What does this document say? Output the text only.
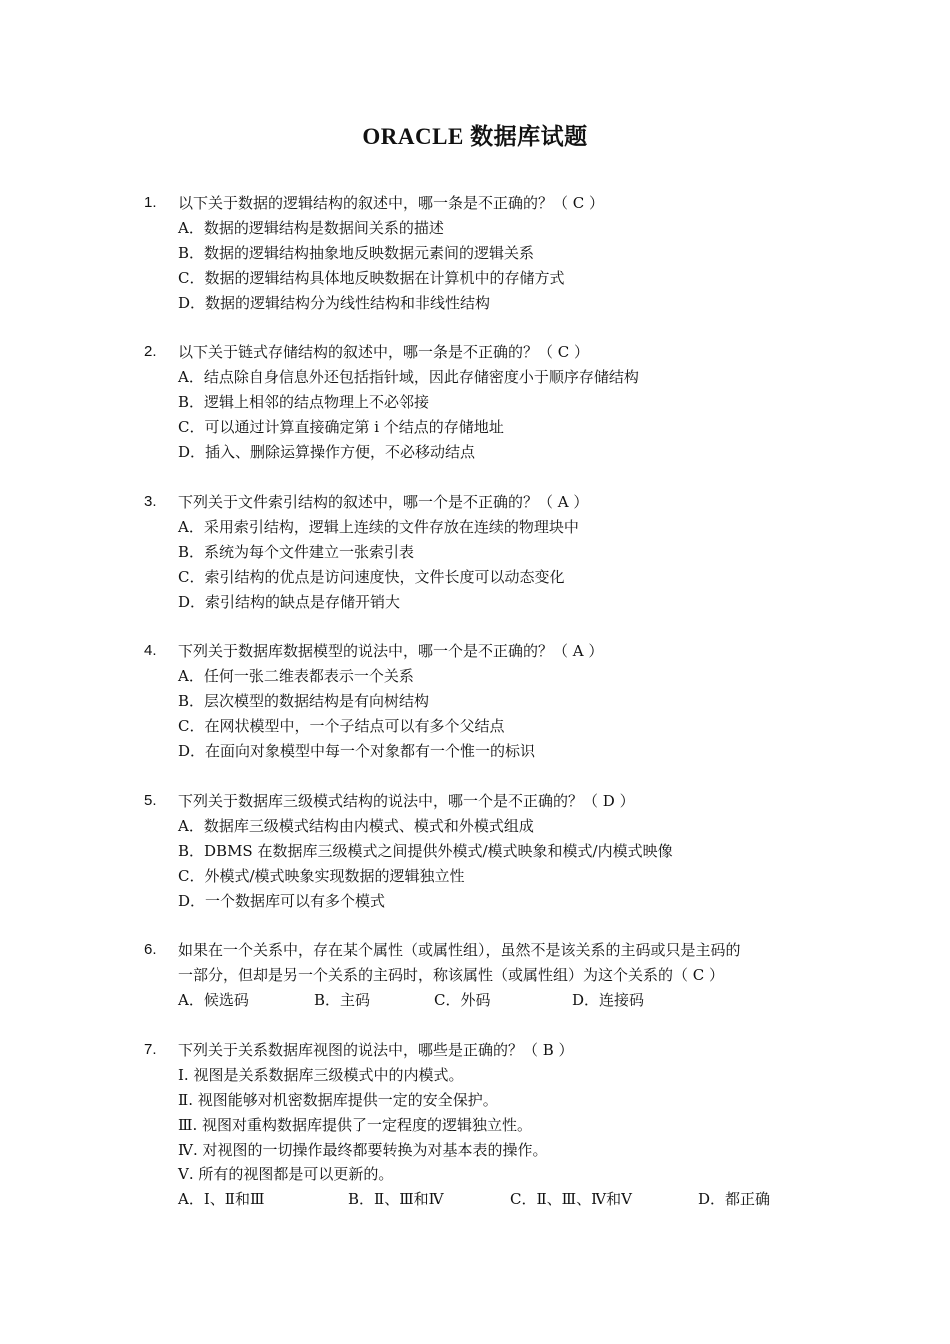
ORACLE 数据库试题
1. 以下关于数据的逻辑结构的叙述中，哪一条是不正确的？（ C ）
A．数据的逻辑结构是数据间关系的描述
B．数据的逻辑结构抽象地反映数据元素间的逻辑关系
C．数据的逻辑结构具体地反映数据在计算机中的存储方式
D．数据的逻辑结构分为线性结构和非线性结构
2. 以下关于链式存储结构的叙述中，哪一条是不正确的？（ C ）
A．结点除自身信息外还包括指针域，因此存储密度小于顺序存储结构
B．逻辑上相邻的结点物理上不必邻接
C．可以通过计算直接确定第 i 个结点的存储地址
D．插入、删除运算操作方便，不必移动结点
3. 下列关于文件索引结构的叙述中，哪一个是不正确的？（ A ）
A．采用索引结构，逻辑上连续的文件存放在连续的物理块中
B．系统为每个文件建立一张索引表
C．索引结构的优点是访问速度快，文件长度可以动态变化
D．索引结构的缺点是存储开销大
4. 下列关于数据库数据模型的说法中，哪一个是不正确的？（ A ）
A．任何一张二维表都表示一个关系
B．层次模型的数据结构是有向树结构
C．在网状模型中，一个子结点可以有多个父结点
D．在面向对象模型中每一个对象都有一个惟一的标识
5. 下列关于数据库三级模式结构的说法中，哪一个是不正确的？（ D ）
A．数据库三级模式结构由内模式、模式和外模式组成
B．DBMS 在数据库三级模式之间提供外模式/模式映象和模式/内模式映像
C．外模式/模式映象实现数据的逻辑独立性
D．一个数据库可以有多个模式
6. 如果在一个关系中，存在某个属性（或属性组），虽然不是该关系的主码或只是主码的
一部分，但却是另一个关系的主码时，称该属性（或属性组）为这个关系的（ C ）
A．候选码	B．主码	C．外码	D．连接码
7. 下列关于关系数据库视图的说法中，哪些是正确的？（ B ）
Ⅰ. 视图是关系数据库三级模式中的内模式。
Ⅱ. 视图能够对机密数据库提供一定的安全保护。
Ⅲ. 视图对重构数据库提供了一定程度的逻辑独立性。
Ⅳ. 对视图的一切操作最终都要转换为对基本表的操作。
Ⅴ. 所有的视图都是可以更新的。
A．Ⅰ、Ⅱ和Ⅲ	B．Ⅱ、Ⅲ和Ⅳ	C．Ⅱ、Ⅲ、Ⅳ和Ⅴ	D．都正确
